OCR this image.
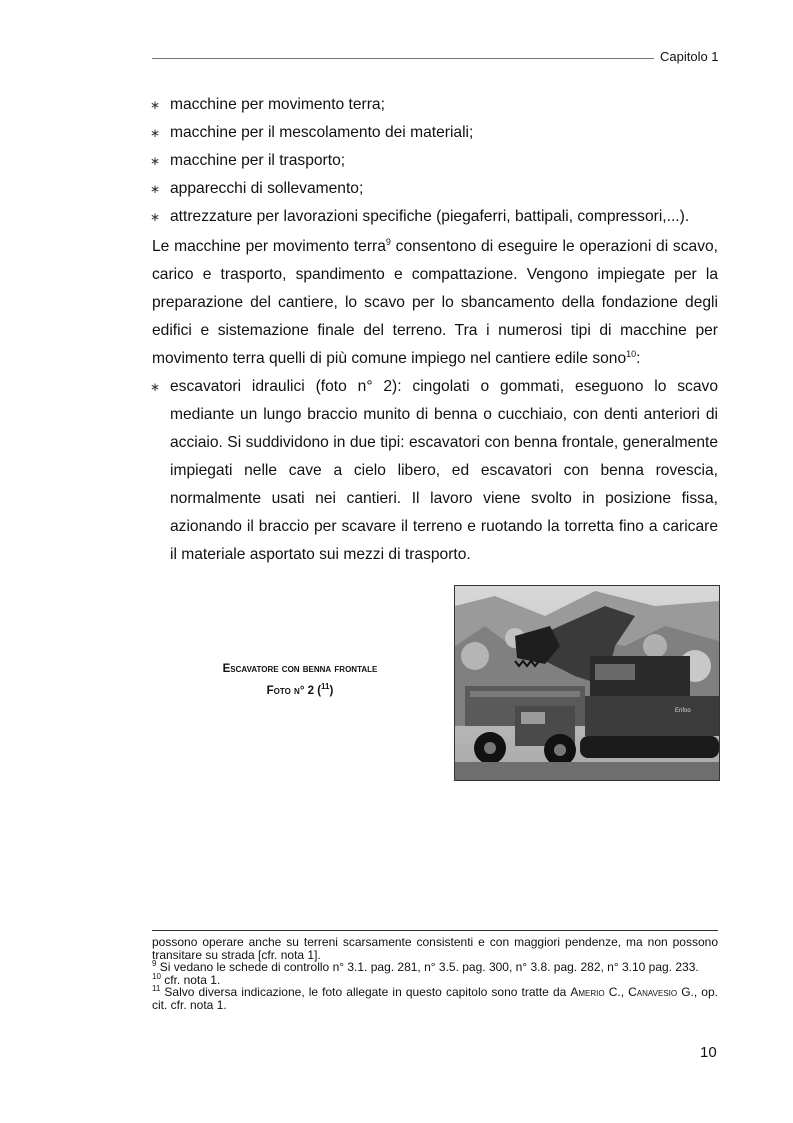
Capitolo 1
∗ macchine per movimento terra;
∗ macchine per il mescolamento dei materiali;
∗ macchine per il trasporto;
∗ apparecchi di sollevamento;
∗ attrezzature per lavorazioni specifiche (piegaferri, battipali, compressori,...).
Le macchine per movimento terra$^9$ consentono di eseguire le operazioni di scavo, carico e trasporto, spandimento e compattazione. Vengono impiegate per la preparazione del cantiere, lo scavo per lo sbancamento della fondazione degli edifici e sistemazione finale del terreno. Tra i numerosi tipi di macchine per movimento terra quelli di più comune impiego nel cantiere edile sono$^{10}$:
∗ escavatori idraulici (foto n° 2): cingolati o gommati, eseguono lo scavo mediante un lungo braccio munito di benna o cucchiaio, con denti anteriori di acciaio. Si suddividono in due tipi: escavatori con benna frontale, generalmente impiegati nelle cave a cielo libero, ed escavatori con benna rovescia, normalmente usati nei cantieri. Il lavoro viene svolto in posizione fissa, azionando il braccio per scavare il terreno e ruotando la torretta fino a caricare il materiale asportato sui mezzi di trasporto.
Escavatore con benna frontale
Foto n° 2 ($^{11}$)
Enfoo
possono operare anche su terreni scarsamente consistenti e con maggiori pendenze, ma non possono transitare su strada [cfr. nota 1].
$^9$ Si vedano le schede di controllo n° 3.1. pag. 281, n° 3.5. pag. 300, n° 3.8. pag. 282, n° 3.10 pag. 233.
$^{10}$ cfr. nota 1.
$^{11}$ Salvo diversa indicazione, le foto allegate in questo capitolo sono tratte da Amerio C., Canavesio G., op. cit. cfr. nota 1.
10
